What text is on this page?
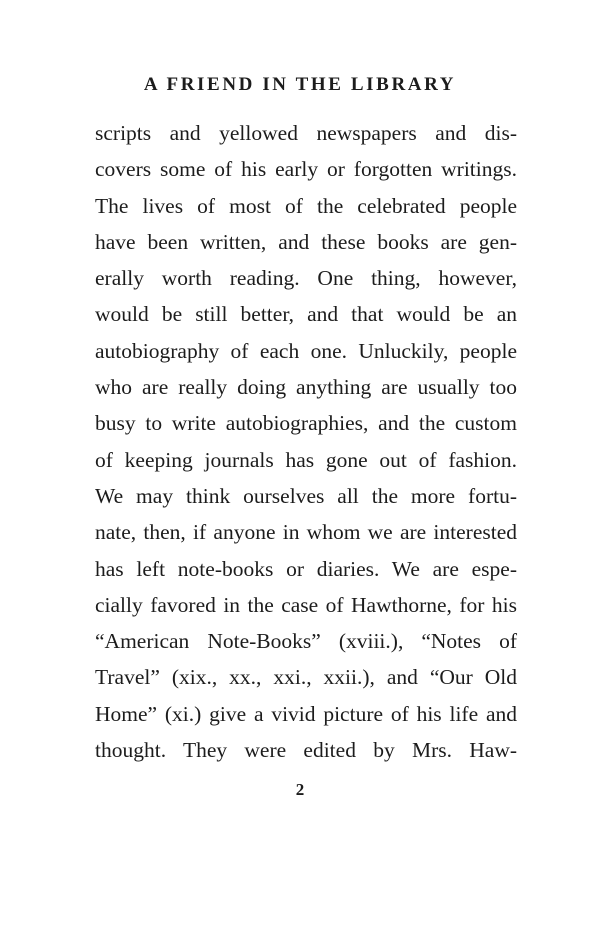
A FRIEND IN THE LIBRARY
scripts and yellowed newspapers and dis-
covers some of his early or forgotten writings.
The lives of most of the celebrated people
have been written, and these books are gen-
erally worth reading. One thing, however,
would be still better, and that would be an
autobiography of each one. Unluckily, people
who are really doing anything are usually too
busy to write autobiographies, and the custom
of keeping journals has gone out of fashion.
We may think ourselves all the more fortu-
nate, then, if anyone in whom we are interested
has left note-books or diaries. We are espe-
cially favored in the case of Hawthorne, for his
“American Note-Books” (xviii.), “Notes of
Travel” (xix., xx., xxi., xxii.), and “Our Old
Home” (xi.) give a vivid picture of his life and
thought. They were edited by Mrs. Haw-
2
